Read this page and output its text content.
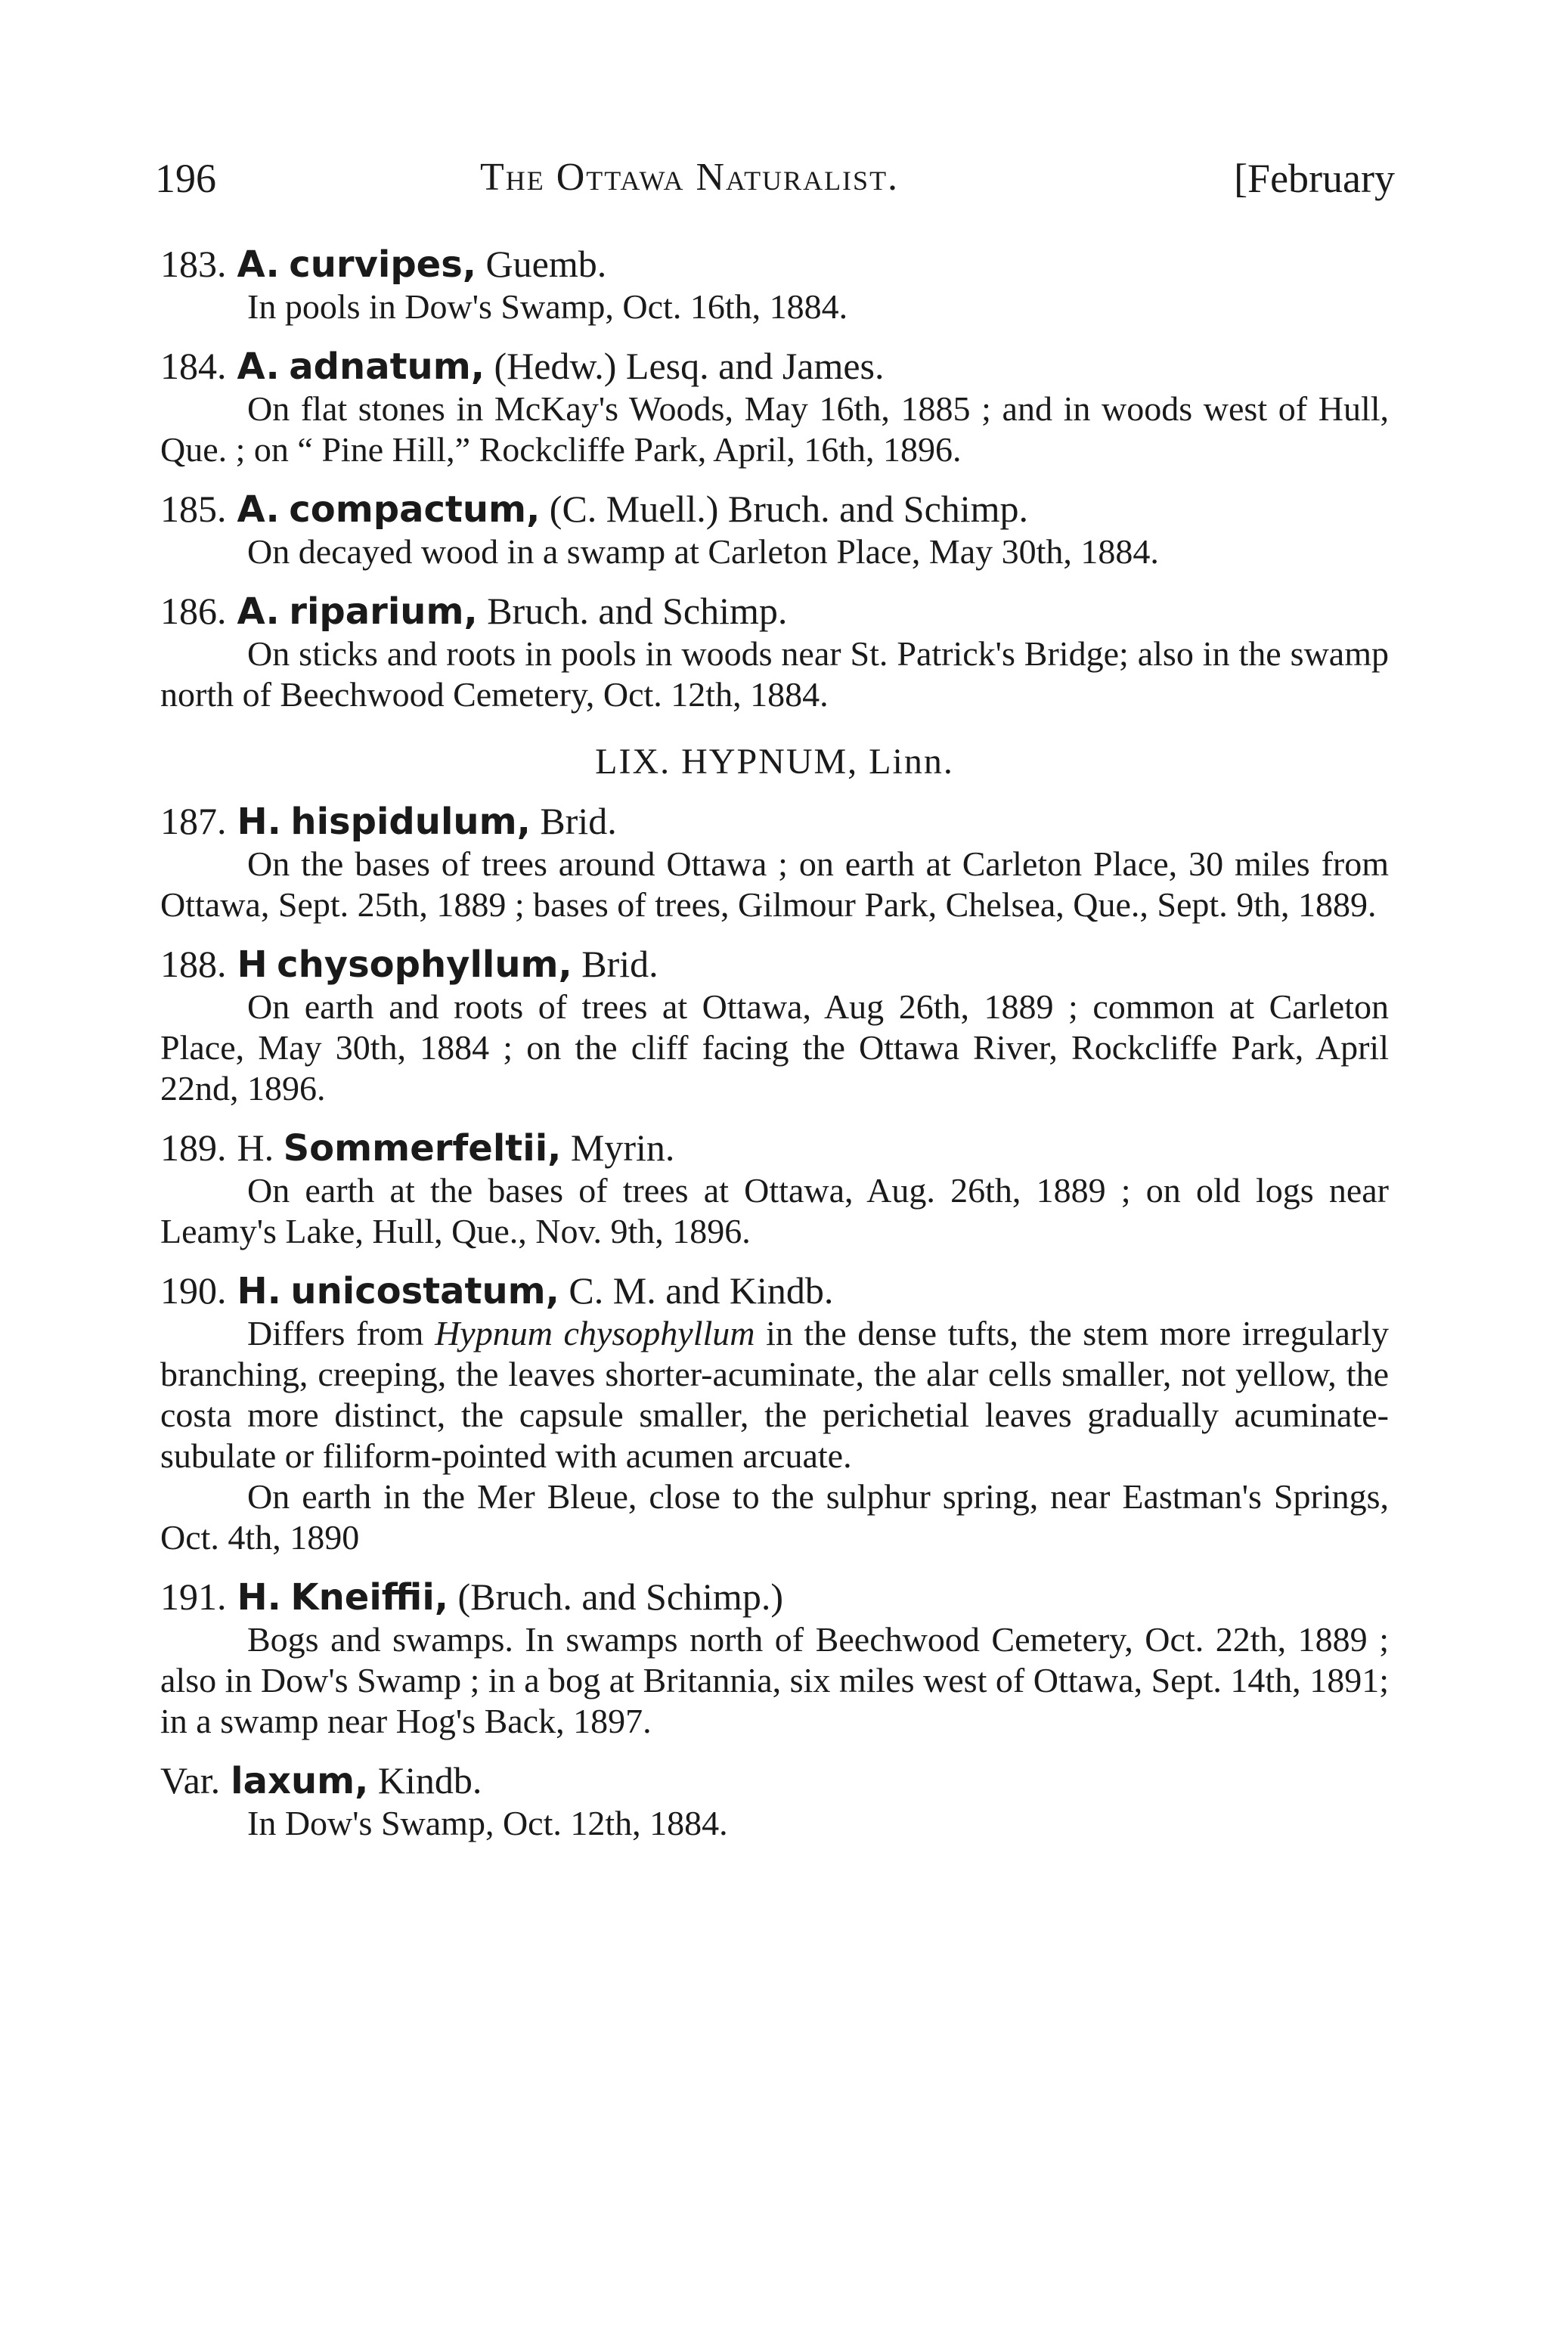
196	The Ottawa Naturalist.	[February
183. A. curvipes, Guemb.

In pools in Dow's Swamp, Oct. 16th, 1884.

184. A. adnatum, (Hedw.) Lesq. and James.

On flat stones in McKay's Woods, May 16th, 1885 ; and in woods west of Hull, Que. ; on “ Pine Hill,” Rockcliffe Park, April, 16th, 1896.

185. A. compactum, (C. Muell.) Bruch. and Schimp.

On decayed wood in a swamp at Carleton Place, May 30th, 1884.

186. A. riparium, Bruch. and Schimp.

On sticks and roots in pools in woods near St. Patrick's Bridge; also in the swamp north of Beechwood Cemetery, Oct. 12th, 1884.

LIX. HYPNUM, Linn.
187. H. hispidulum, Brid.

On the bases of trees around Ottawa ; on earth at Carleton Place, 30 miles from Ottawa, Sept. 25th, 1889 ; bases of trees, Gilmour Park, Chelsea, Que., Sept. 9th, 1889.

188. H chysophyllum, Brid.

On earth and roots of trees at Ottawa, Aug 26th, 1889 ; common at Carleton Place, May 30th, 1884 ; on the cliff facing the Ottawa River, Rockcliffe Park, April 22nd, 1896.

189. H. Sommerfeltii, Myrin.

On earth at the bases of trees at Ottawa, Aug. 26th, 1889 ; on old logs near Leamy's Lake, Hull, Que., Nov. 9th, 1896.

190. H. unicostatum, C. M. and Kindb.

Differs from Hypnum chysophyllum in the dense tufts, the stem more irregularly branching, creeping, the leaves shorter-acuminate, the alar cells smaller, not yellow, the costa more distinct, the capsule smaller, the perichetial leaves gradually acuminate-subulate or filiform-pointed with acumen arcuate.

On earth in the Mer Bleue, close to the sulphur spring, near Eastman's Springs, Oct. 4th, 1890

191. H. Kneiffii, (Bruch. and Schimp.)

Bogs and swamps. In swamps north of Beechwood Cemetery, Oct. 22th, 1889 ; also in Dow's Swamp ; in a bog at Britannia, six miles west of Ottawa, Sept. 14th, 1891; in a swamp near Hog's Back, 1897.

Var. laxum, Kindb.

In Dow's Swamp, Oct. 12th, 1884.
